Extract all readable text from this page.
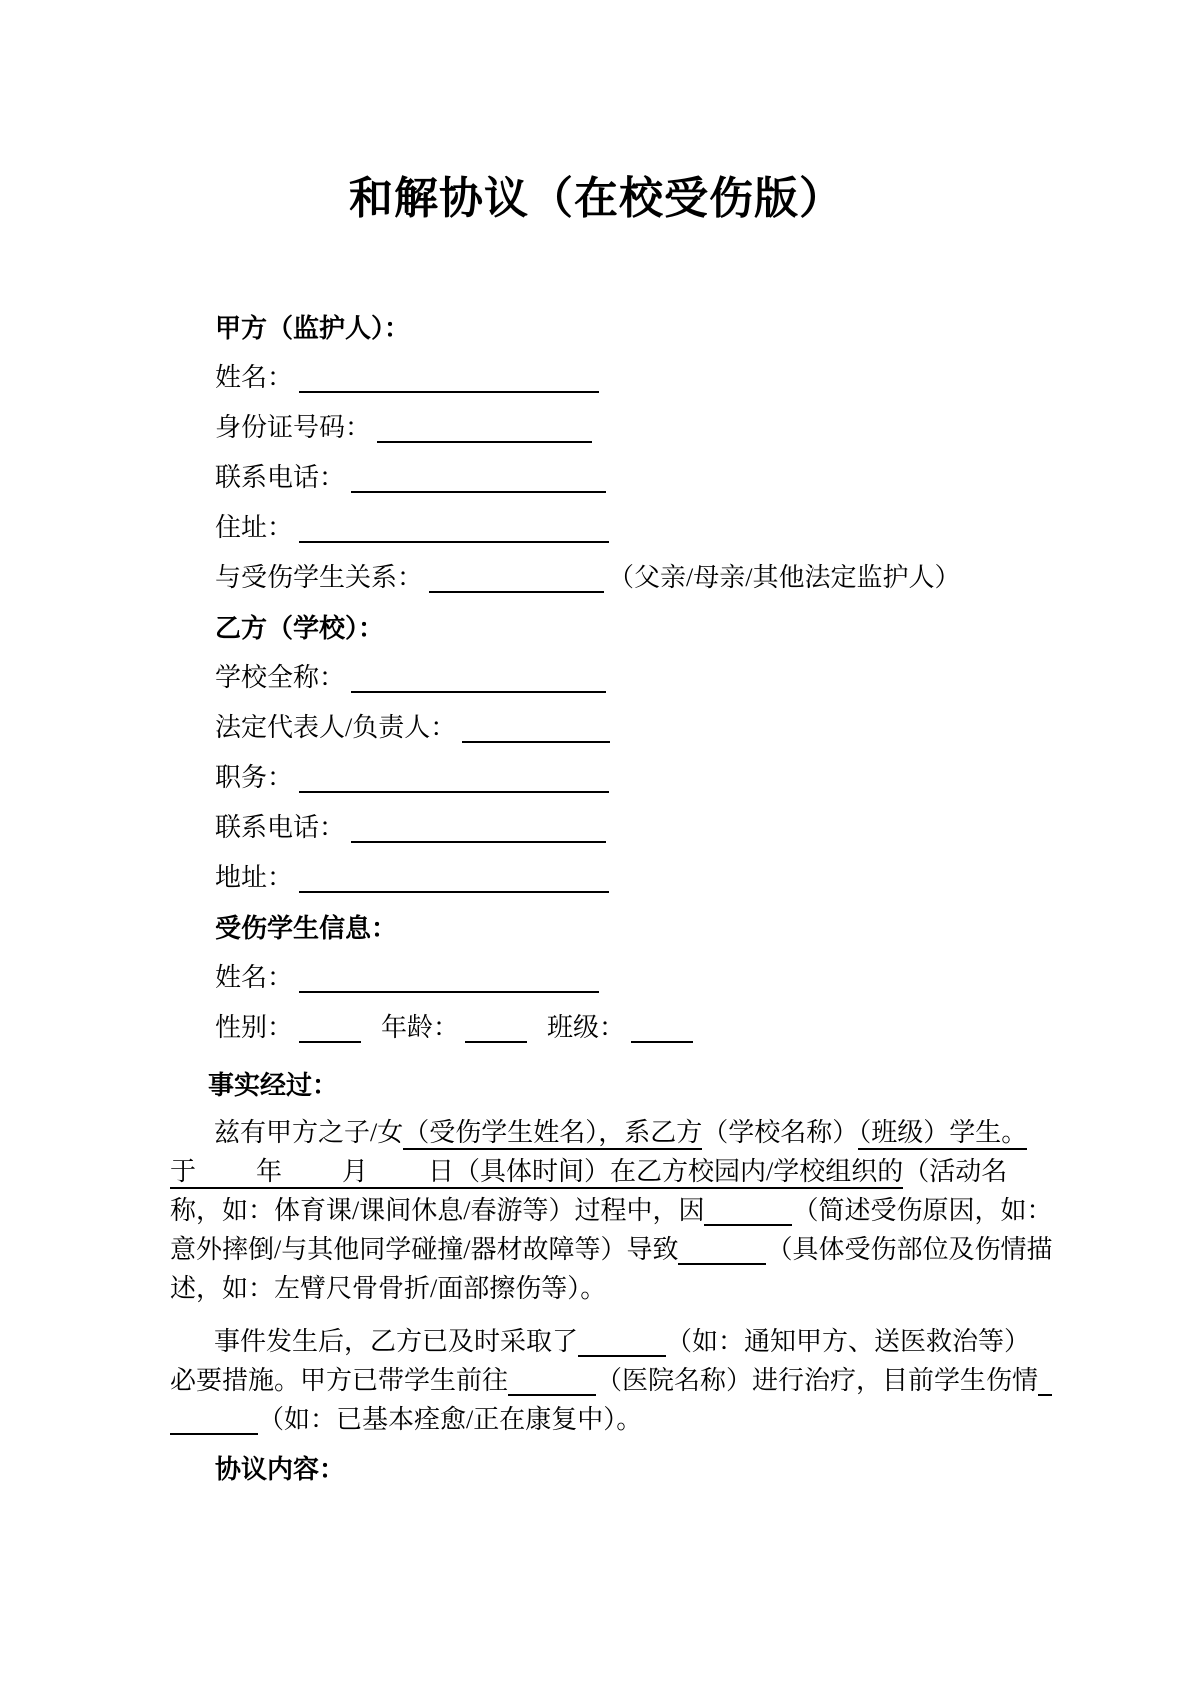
和解协议（在校受伤版）
甲方（监护人）：
姓名：
身份证号码：
联系电话：
住址：
与受伤学生关系：	（父亲/母亲/其他法定监护人）
乙方（学校）：
学校全称：
法定代表人/负责人：
职务：
联系电话：
地址：
受伤学生信息：
姓名：
性别：	年龄：	班级：
事实经过：
兹有甲方之子/女（受伤学生姓名），系乙方（学校名称）（班级）学生。
于 年 月 日（具体时间）在乙方校园内/学校组织的（活动名
称，如：体育课/课间休息/春游等）过程中，因	（简述受伤原因，如：
意外摔倒/与其他同学碰撞/器材故障等）导致	（具体受伤部位及伤情描
述，如：左臂尺骨骨折/面部擦伤等）。
事件发生后，乙方已及时采取了	（如：通知甲方、送医救治等）
必要措施。甲方已带学生前往	（医院名称）进行治疗，目前学生伤情
（如：已基本痊愈/正在康复中）。
协议内容：
